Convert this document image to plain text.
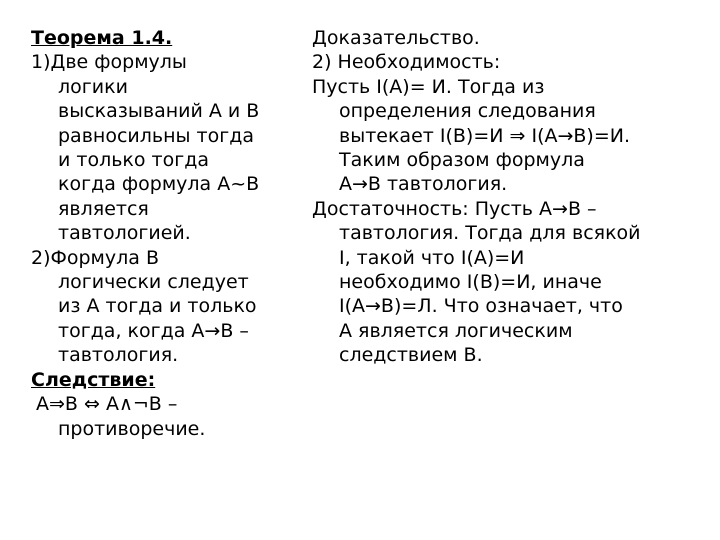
Теорема 1.4.
1)Две формулы
логики
высказываний А и В
равносильны тогда
и только тогда
когда формула А~В
является
тавтологией.
2)Формула В
логически следует
из А тогда и только
тогда, когда А→В –
тавтология.
Следствие:
А⇒В ⇔ А∧¬В –
противоречие.
Доказательство.
2) Необходимость:
Пусть I(А)= И. Тогда из
определения следования
вытекает I(В)=И ⇒ I(А→В)=И.
Таким образом формула
А→В тавтология.
Достаточность: Пусть А→В –
тавтология. Тогда для всякой
I, такой что I(А)=И
необходимо I(В)=И, иначе
I(А→В)=Л. Что означает, что
А является логическим
следствием В.
